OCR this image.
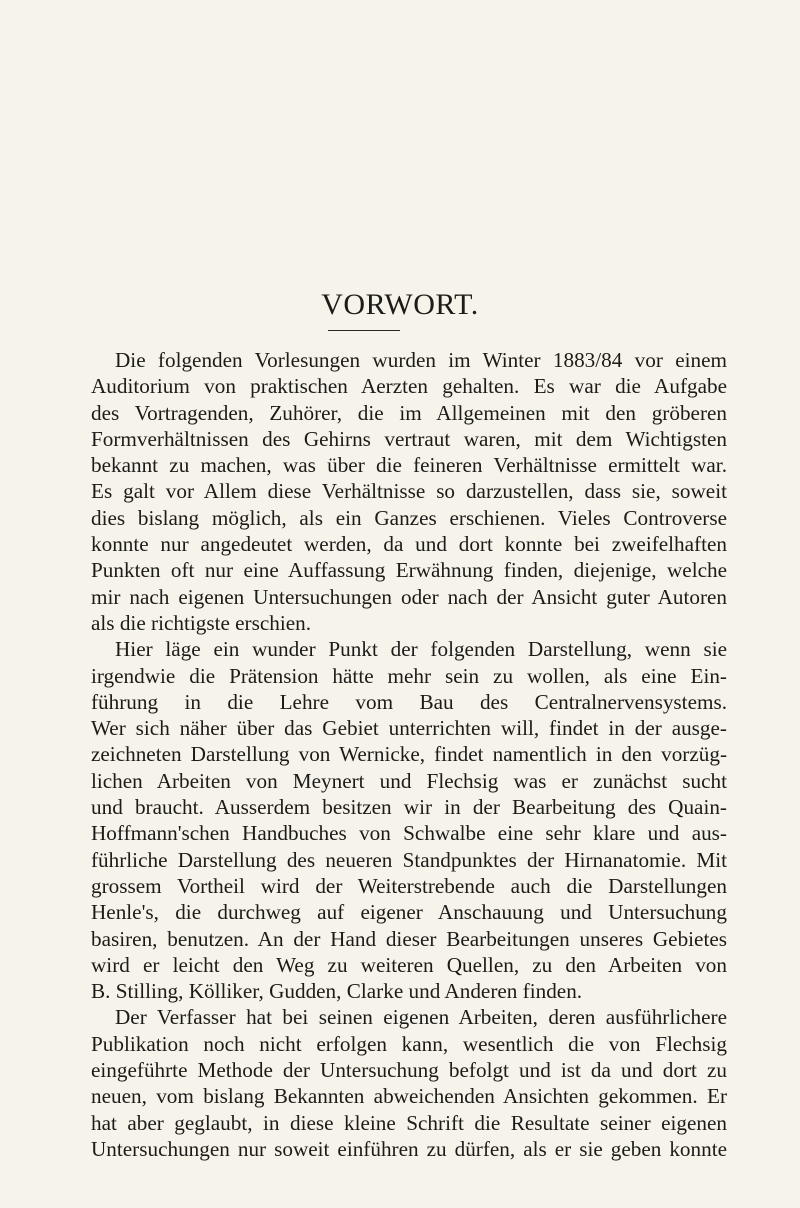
VORWORT.
Die folgenden Vorlesungen wurden im Winter 1883/84 vor einem
Auditorium von praktischen Aerzten gehalten. Es war die Aufgabe
des Vortragenden, Zuhörer, die im Allgemeinen mit den gröberen
Formverhältnissen des Gehirns vertraut waren, mit dem Wichtigsten
bekannt zu machen, was über die feineren Verhältnisse ermittelt war.
Es galt vor Allem diese Verhältnisse so darzustellen, dass sie, soweit
dies bislang möglich, als ein Ganzes erschienen. Vieles Controverse
konnte nur angedeutet werden, da und dort konnte bei zweifelhaften
Punkten oft nur eine Auffassung Erwähnung finden, diejenige, welche
mir nach eigenen Untersuchungen oder nach der Ansicht guter Autoren
als die richtigste erschien.
Hier läge ein wunder Punkt der folgenden Darstellung, wenn sie
irgendwie die Prätension hätte mehr sein zu wollen, als eine Ein-
führung in die Lehre vom Bau des Centralnervensystems.
Wer sich näher über das Gebiet unterrichten will, findet in der ausge-
zeichneten Darstellung von Wernicke, findet namentlich in den vorzüg-
lichen Arbeiten von Meynert und Flechsig was er zunächst sucht
und braucht. Ausserdem besitzen wir in der Bearbeitung des Quain-
Hoffmann'schen Handbuches von Schwalbe eine sehr klare und aus-
führliche Darstellung des neueren Standpunktes der Hirnanatomie. Mit
grossem Vortheil wird der Weiterstrebende auch die Darstellungen
Henle's, die durchweg auf eigener Anschauung und Untersuchung
basiren, benutzen. An der Hand dieser Bearbeitungen unseres Gebietes
wird er leicht den Weg zu weiteren Quellen, zu den Arbeiten von
B. Stilling, Kölliker, Gudden, Clarke und Anderen finden.
Der Verfasser hat bei seinen eigenen Arbeiten, deren ausführlichere
Publikation noch nicht erfolgen kann, wesentlich die von Flechsig
eingeführte Methode der Untersuchung befolgt und ist da und dort zu
neuen, vom bislang Bekannten abweichenden Ansichten gekommen. Er
hat aber geglaubt, in diese kleine Schrift die Resultate seiner eigenen
Untersuchungen nur soweit einführen zu dürfen, als er sie geben konnte
